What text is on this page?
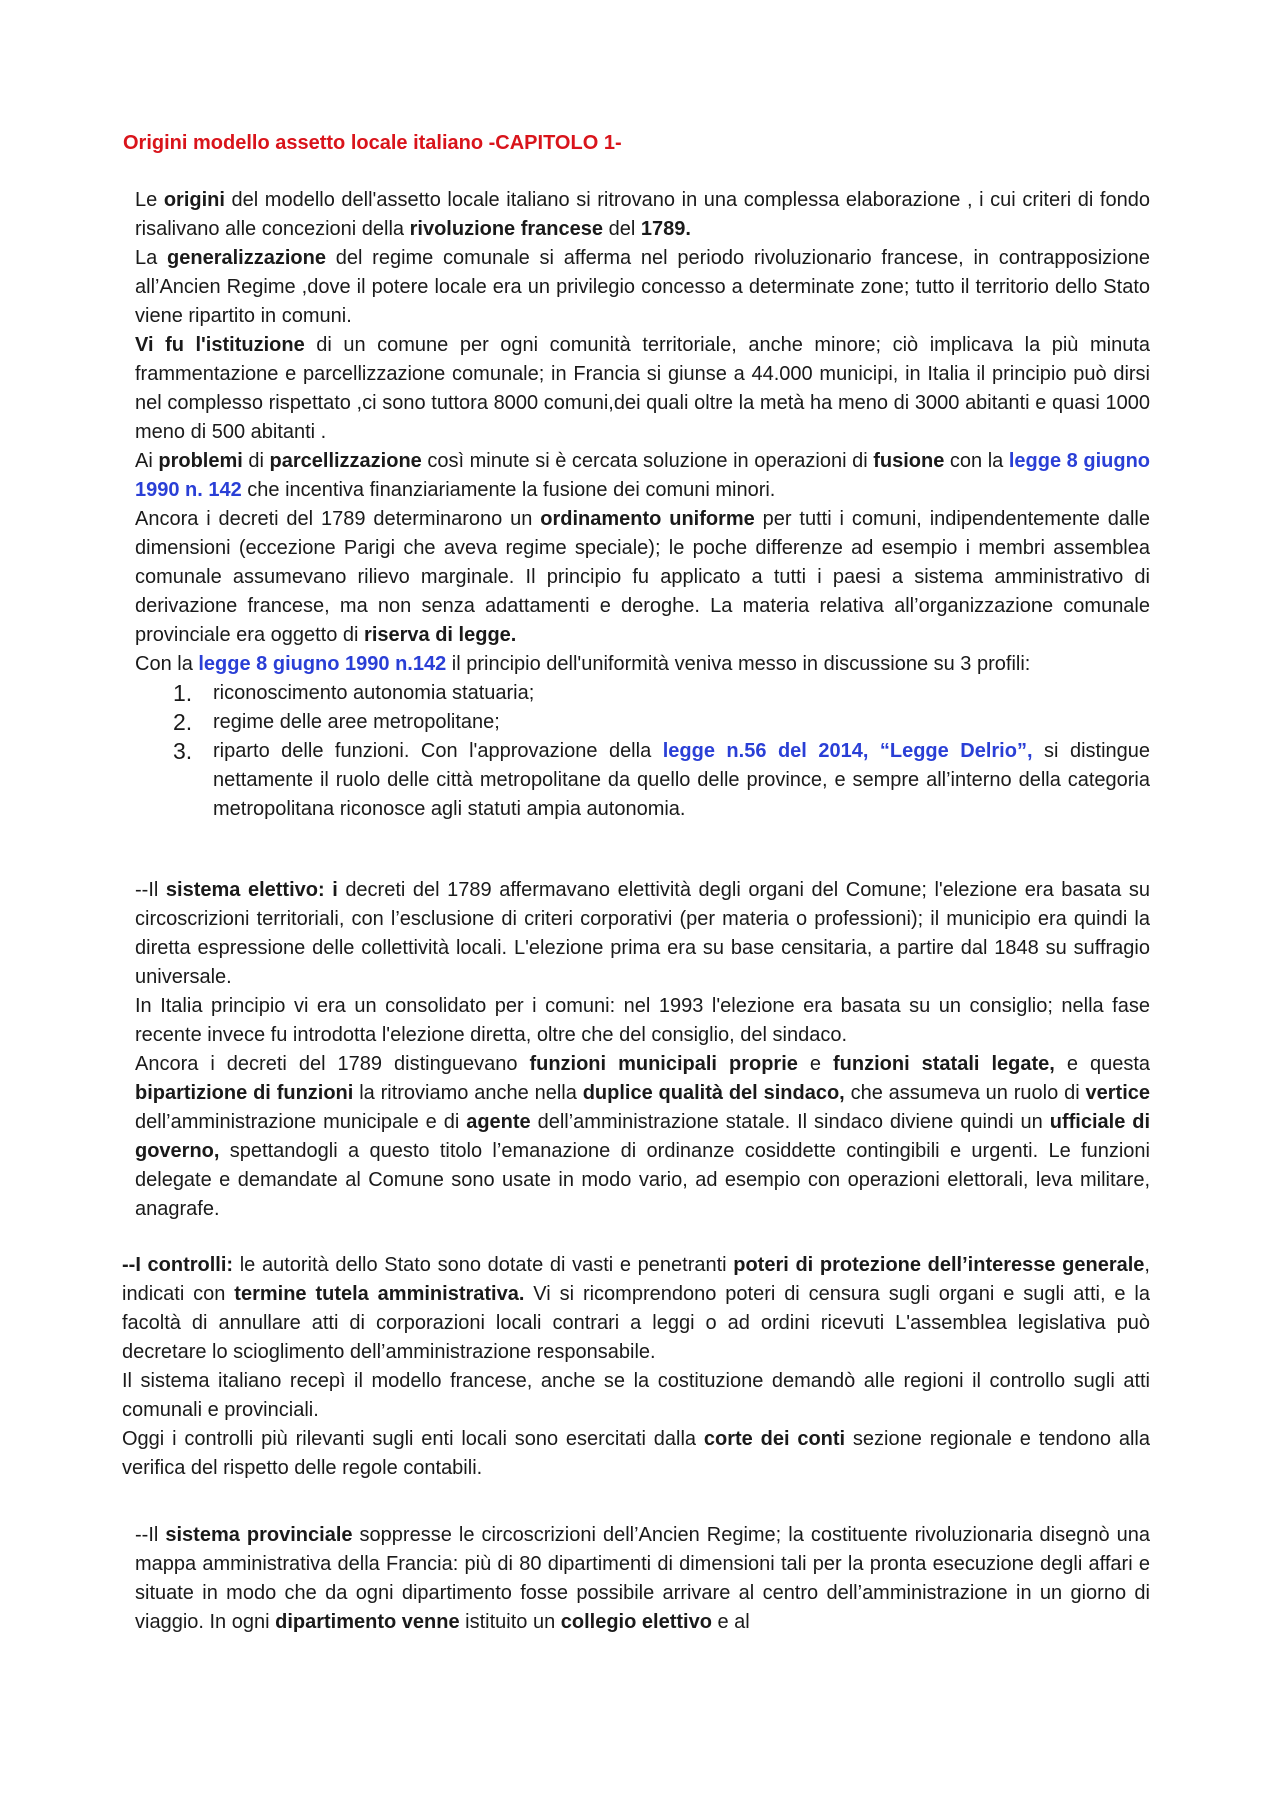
Origini modello assetto locale italiano -CAPITOLO 1-

Le origini del modello dell'assetto locale italiano si ritrovano in una complessa elaborazione , i cui criteri di fondo risalivano alle concezioni della rivoluzione francese del 1789.

La generalizzazione del regime comunale si afferma nel periodo rivoluzionario francese, in contrapposizione all’Ancien Regime ,dove il potere locale era un privilegio concesso a determinate zone; tutto il territorio dello Stato viene ripartito in comuni.

Vi fu l'istituzione di un comune per ogni comunità territoriale, anche minore; ciò implicava la più minuta frammentazione e parcellizzazione comunale; in Francia si giunse a 44.000 municipi, in Italia il principio può dirsi nel complesso rispettato ,ci sono tuttora 8000 comuni,dei quali oltre la metà ha meno di 3000 abitanti e quasi 1000 meno di 500 abitanti .

Ai problemi di parcellizzazione così minute si è cercata soluzione in operazioni di fusione con la legge 8 giugno 1990 n. 142 che incentiva finanziariamente la fusione dei comuni minori.

Ancora i decreti del 1789 determinarono un ordinamento uniforme per tutti i comuni, indipendentemente dalle dimensioni (eccezione Parigi che aveva regime speciale); le poche differenze ad esempio i membri assemblea comunale assumevano rilievo marginale. Il principio fu applicato a tutti i paesi a sistema amministrativo di derivazione francese, ma non senza adattamenti e deroghe. La materia relativa all’organizzazione comunale provinciale era oggetto di riserva di legge.

Con la legge 8 giugno 1990 n.142 il principio dell'uniformità veniva messo in discussione su 3 profili:

1. riconoscimento autonomia statuaria;
2. regime delle aree metropolitane;
3. riparto delle funzioni. Con l'approvazione della legge n.56 del 2014, “Legge Delrio”, si distingue nettamente il ruolo delle città metropolitane da quello delle province, e sempre all’interno della categoria metropolitana riconosce agli statuti ampia autonomia.

--Il sistema elettivo: i decreti del 1789 affermavano elettività degli organi del Comune; l'elezione era basata su circoscrizioni territoriali, con l’esclusione di criteri corporativi (per materia o professioni); il municipio era quindi la diretta espressione delle collettività locali. L'elezione prima era su base censitaria, a partire dal 1848 su suffragio universale.

In Italia principio vi era un consolidato per i comuni: nel 1993 l'elezione era basata su un consiglio; nella fase recente invece fu introdotta l'elezione diretta, oltre che del consiglio, del sindaco.

Ancora i decreti del 1789 distinguevano funzioni municipali proprie e funzioni statali legate, e questa bipartizione di funzioni la ritroviamo anche nella duplice qualità del sindaco, che assumeva un ruolo di vertice dell’amministrazione municipale e di agente dell’amministrazione statale. Il sindaco diviene quindi un ufficiale di governo, spettandogli a questo titolo l’emanazione di ordinanze cosiddette contingibili e urgenti. Le funzioni delegate e demandate al Comune sono usate in modo vario, ad esempio con operazioni elettorali, leva militare, anagrafe.

--I controlli: le autorità dello Stato sono dotate di vasti e penetranti poteri di protezione dell’interesse generale, indicati con termine tutela amministrativa. Vi si ricomprendono poteri di censura sugli organi e sugli atti, e la facoltà di annullare atti di corporazioni locali contrari a leggi o ad ordini ricevuti L'assemblea legislativa può decretare lo scioglimento dell’amministrazione responsabile.

Il sistema italiano recepì il modello francese, anche se la costituzione demandò alle regioni il controllo sugli atti comunali e provinciali.

Oggi i controlli più rilevanti sugli enti locali sono esercitati dalla corte dei conti sezione regionale e tendono alla verifica del rispetto delle regole contabili.

--Il sistema provinciale soppresse le circoscrizioni dell’Ancien Regime; la costituente rivoluzionaria disegnò una mappa amministrativa della Francia: più di 80 dipartimenti di dimensioni tali per la pronta esecuzione degli affari e situate in modo che da ogni dipartimento fosse possibile arrivare al centro dell’amministrazione in un giorno di viaggio. In ogni dipartimento venne istituito un collegio elettivo e al
